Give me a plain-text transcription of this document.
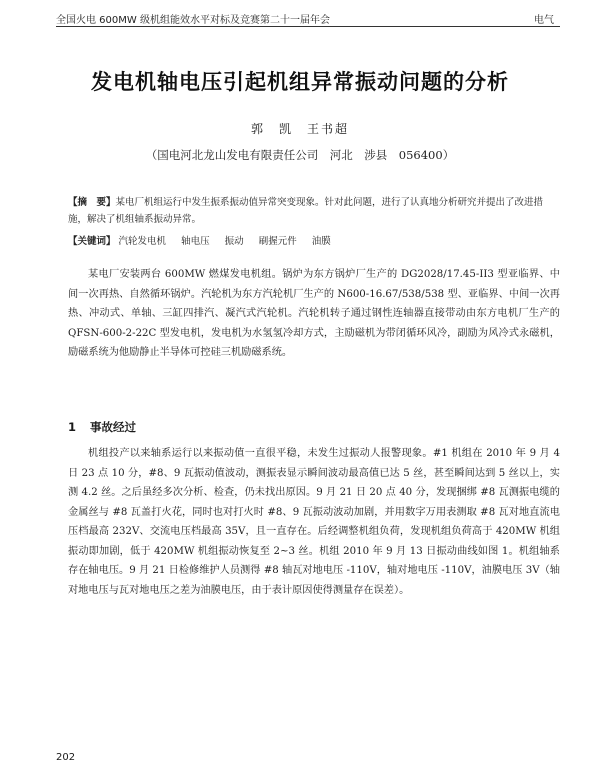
全国火电 600MW 级机组能效水平对标及竞赛第二十一届年会	电气
发电机轴电压引起机组异常振动问题的分析
郭　凯　王书超
（国电河北龙山发电有限责任公司　河北　涉县　056400）
【摘　要】某电厂机组运行中发生振系振动值异常突变现象。针对此问题，进行了认真地分析研究并提出了改进措施，解决了机组轴系振动异常。
【关键词】 汽轮发电机 轴电压 振动 刷握元件 油膜

某电厂安装两台 600MW 燃煤发电机组。锅炉为东方锅炉厂生产的 DG2028/17.45-II3 型亚临界、中间一次再热、自然循环锅炉。汽轮机为东方汽轮机厂生产的 N600-16.67/538/538 型、亚临界、中间一次再热、冲动式、单轴、三缸四排汽、凝汽式汽轮机。汽轮机转子通过钢性连轴器直接带动由东方电机厂生产的 QFSN-600-2-22C 型发电机，发电机为水氢氢冷却方式，主励磁机为带闭循环风冷，副励为风冷式永磁机，励磁系统为他励静止半导体可控硅三机励磁系统。

1 事故经过

机组投产以来轴系运行以来振动值一直很平稳，未发生过振动人报警现象。#1 机组在 2010 年 9 月 4 日 23 点 10 分，#8、9 瓦振动值波动，测振表显示瞬间波动最高值已达 5 丝，甚至瞬间达到 5 丝以上，实测 4.2 丝。之后虽经多次分析、检查，仍未找出原因。9 月 21 日 20 点 40 分，发现捆绑 #8 瓦测振电缆的金属丝与 #8 瓦盖打火花，同时也对打火时 #8、9 瓦振动波动加剧，并用数字万用表测取 #8 瓦对地直流电压档最高 232V、交流电压档最高 35V，且一直存在。后经调整机组负荷，发现机组负荷高于 420MW 机组振动即加剧，低于 420MW 机组振动恢复至 2~3 丝。机组 2010 年 9 月 13 日振动曲线如图 1。机组轴系存在轴电压。9 月 21 日检修维护人员测得 #8 轴瓦对地电压 -110V，轴对地电压 -110V，油膜电压 3V（轴对地电压与瓦对地电压之差为油膜电压，由于表计原因使得测量存在误差）。

202
